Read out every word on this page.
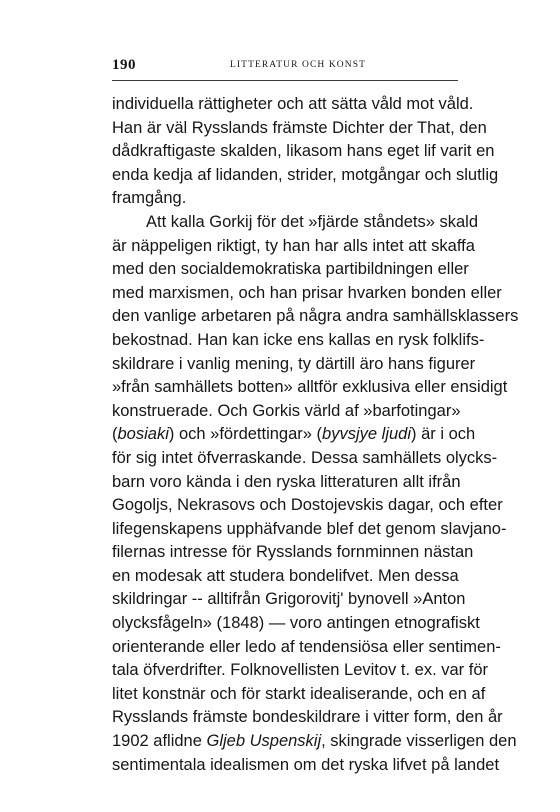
190	LITTERATUR OCH KONST
individuella rättigheter och att sätta våld mot våld.
Han är väl Rysslands främste Dichter der That, den
dådkraftigaste skalden, likasom hans eget lif varit en
enda kedja af lidanden, strider, motgångar och slutlig
framgång.
Att kalla Gorkij för det »fjärde ståndets» skald
är näppeligen riktigt, ty han har alls intet att skaffa
med den socialdemokratiska partibildningen eller
med marxismen, och han prisar hvarken bonden eller
den vanlige arbetaren på några andra samhällsklassers
bekostnad. Han kan icke ens kallas en rysk folklifs-
skildrare i vanlig mening, ty därtill äro hans figurer
»från samhällets botten» alltför exklusiva eller ensidigt
konstruerade. Och Gorkis värld af »barfotingar»
(bosiaki) och »fördettingar» (byvsjye ljudi) är i och
för sig intet öfverraskande. Dessa samhällets olycks-
barn voro kända i den ryska litteraturen allt ifrån
Gogoljs, Nekrasovs och Dostojevskis dagar, och efter
lifegenskapens upphäfvande blef det genom slavjano-
filernas intresse för Rysslands fornminnen nästan
en modesak att studera bondelifvet. Men dessa
skildringar -- alltifrån Grigorovitj' bynovell »Anton
olycksfågeln» (1848) — voro antingen etnografiskt
orienterande eller ledo af tendensiösa eller sentimen-
tala öfverdrifter. Folknovellisten Levitov t. ex. var för
litet konstnär och för starkt idealiserande, och en af
Rysslands främste bondeskildrare i vitter form, den år
1902 aflidne Gljeb Uspenskij, skingrade visserligen den
sentimentala idealismen om det ryska lifvet på landet
